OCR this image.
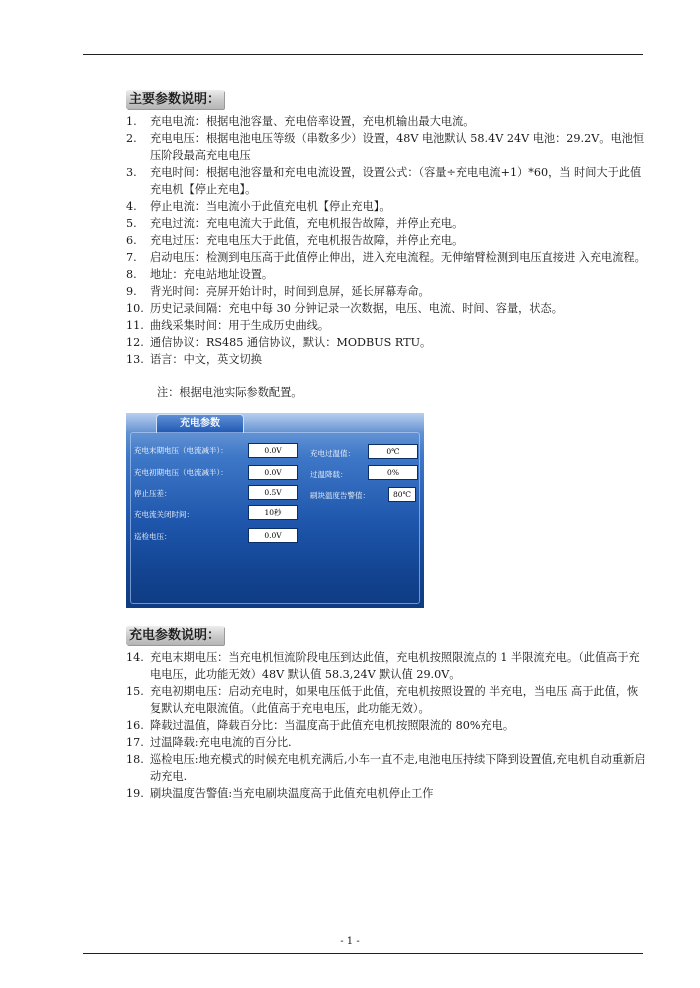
主要参数说明：
1. 充电电流：根据电池容量、充电倍率设置，充电机输出最大电流。
2. 充电电压：根据电池电压等级（串数多少）设置，48V 电池默认 58.4V 24V 电池：29.2V。电池恒压阶段最高充电电压
3. 充电时间：根据电池容量和充电电流设置，设置公式：（容量÷充电电流+1）*60，当 时间大于此值充电机【停止充电】。
4. 停止电流：当电流小于此值充电机【停止充电】。
5. 充电过流：充电电流大于此值，充电机报告故障，并停止充电。
6. 充电过压：充电电压大于此值，充电机报告故障，并停止充电。
7. 启动电压：检测到电压高于此值停止伸出，进入充电流程。无伸缩臂检测到电压直接进 入充电流程。
8. 地址：充电站地址设置。
9. 背光时间：亮屏开始计时，时间到息屏，延长屏幕寿命。
10. 历史记录间隔：充电中每 30 分钟记录一次数据，电压、电流、时间、容量，状态。
11. 曲线采集时间：用于生成历史曲线。
12. 通信协议：RS485 通信协议，默认：MODBUS RTU。
13. 语言：中文，英文切换
注：根据电池实际参数配置。
充电参数
充电末期电压（电流减半）：	0.0V
充电初期电压（电流减半）：	0.0V
停止压差：	0.5V
充电流关闭时间：	10秒
巡检电压：	0.0V
充电过温值：	0℃
过温降载：	0%
刷块温度告警值：	80℃
充电参数说明：
14. 充电末期电压：当充电机恒流阶段电压到达此值，充电机按照限流点的 1 半限流充电。（此值高于充电电压，此功能无效）48V 默认值 58.3,24V 默认值 29.0V。
15. 充电初期电压：启动充电时，如果电压低于此值，充电机按照设置的 半充电，当电压 高于此值，恢复默认充电限流值。（此值高于充电电压，此功能无效）。
16. 降载过温值，降载百分比：当温度高于此值充电机按照限流的 80%充电。
17. 过温降载:充电电流的百分比.
18. 巡检电压:地充模式的时候充电机充满后,小车一直不走,电池电压持续下降到设置值,充电机自动重新启动充电.
19. 刷块温度告警值:当充电刷块温度高于此值充电机停止工作
- 1 -
